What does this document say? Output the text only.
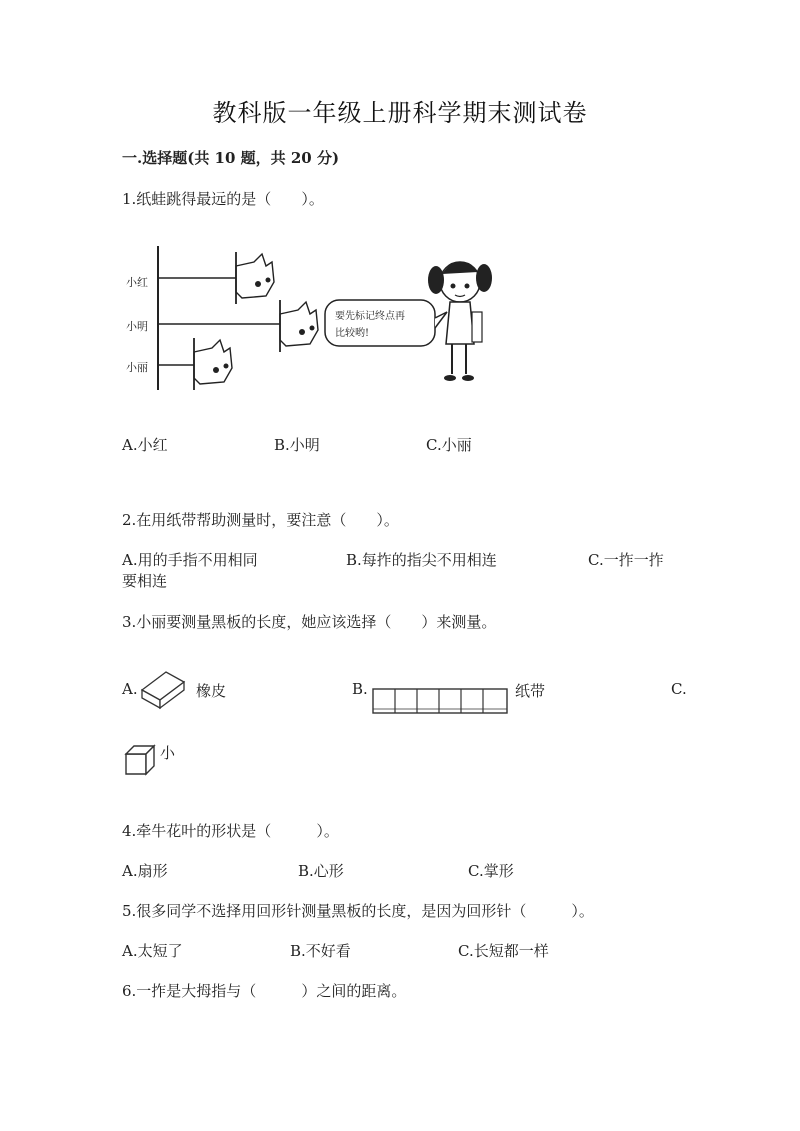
教科版一年级上册科学期末测试卷
一.选择题(共 10 题，共 20 分)
1.纸蛙跳得最远的是（　　）。
小红
小明
小丽
要先标记终点再
比较哟!
A.小红	B.小明	C.小丽
2.在用纸带帮助测量时，要注意（　　）。
A.用的手指不用相同	B.每拃的指尖不用相连	C.一拃一拃
要相连
3.小丽要测量黑板的长度，她应该选择（　　）来测量。
A.	橡皮	B.	纸带	C.
小
4.牵牛花叶的形状是（　　　）。
A.扇形	B.心形	C.掌形
5.很多同学不选择用回形针测量黑板的长度，是因为回形针（　　　）。
A.太短了	B.不好看	C.长短都一样
6.一拃是大拇指与（　　　）之间的距离。
